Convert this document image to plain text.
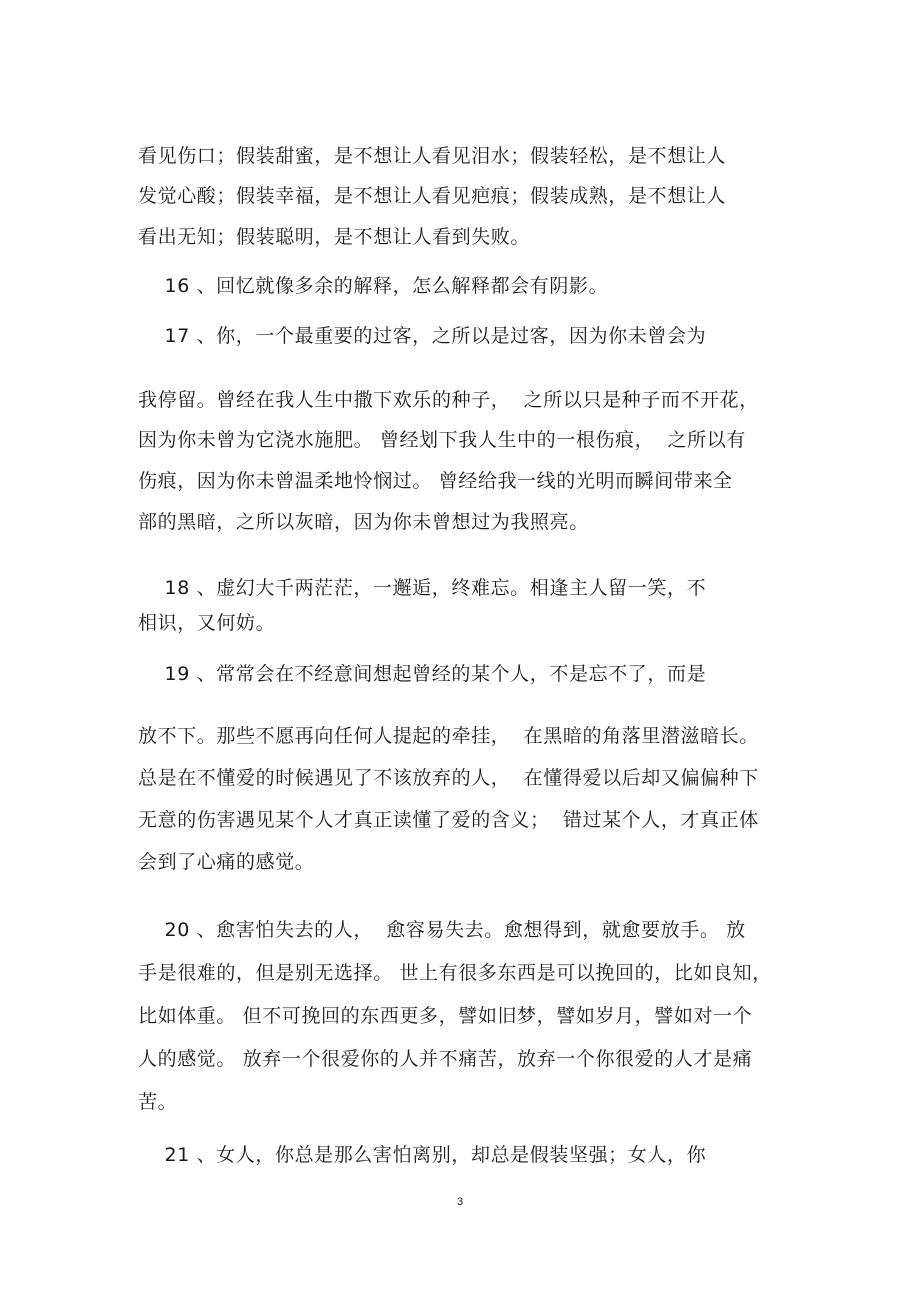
看见伤口；假装甜蜜，是不想让人看见泪水；假装轻松，是不想让人
发觉心酸；假装幸福，是不想让人看见疤痕；假装成熟，是不想让人
看出无知；假装聪明，是不想让人看到失败。
16 、回忆就像多余的解释，怎么解释都会有阴影。
17 、你，一个最重要的过客，之所以是过客，因为你未曾会为
我停留。曾经在我人生中撒下欢乐的种子，  之所以只是种子而不开花，
因为你未曾为它浇水施肥。 曾经划下我人生中的一根伤痕，  之所以有
伤痕，因为你未曾温柔地怜悯过。 曾经给我一线的光明而瞬间带来全
部的黑暗，之所以灰暗，因为你未曾想过为我照亮。
18 、虚幻大千两茫茫，一邂逅，终难忘。相逢主人留一笑，不
相识，又何妨。
19 、常常会在不经意间想起曾经的某个人，不是忘不了，而是
放不下。那些不愿再向任何人提起的牵挂，  在黑暗的角落里潜滋暗长。
总是在不懂爱的时候遇见了不该放弃的人，  在懂得爱以后却又偏偏种下
无意的伤害遇见某个人才真正读懂了爱的含义；  错过某个人，才真正体
会到了心痛的感觉。
20 、愈害怕失去的人，  愈容易失去。愈想得到，就愈要放手。 放
手是很难的，但是别无选择。 世上有很多东西是可以挽回的，比如良知，
比如体重。 但不可挽回的东西更多，譬如旧梦，譬如岁月，譬如对一个
人的感觉。 放弃一个很爱你的人并不痛苦，放弃一个你很爱的人才是痛
苦。
21 、女人，你总是那么害怕离别，却总是假装坚强；女人，你
3
